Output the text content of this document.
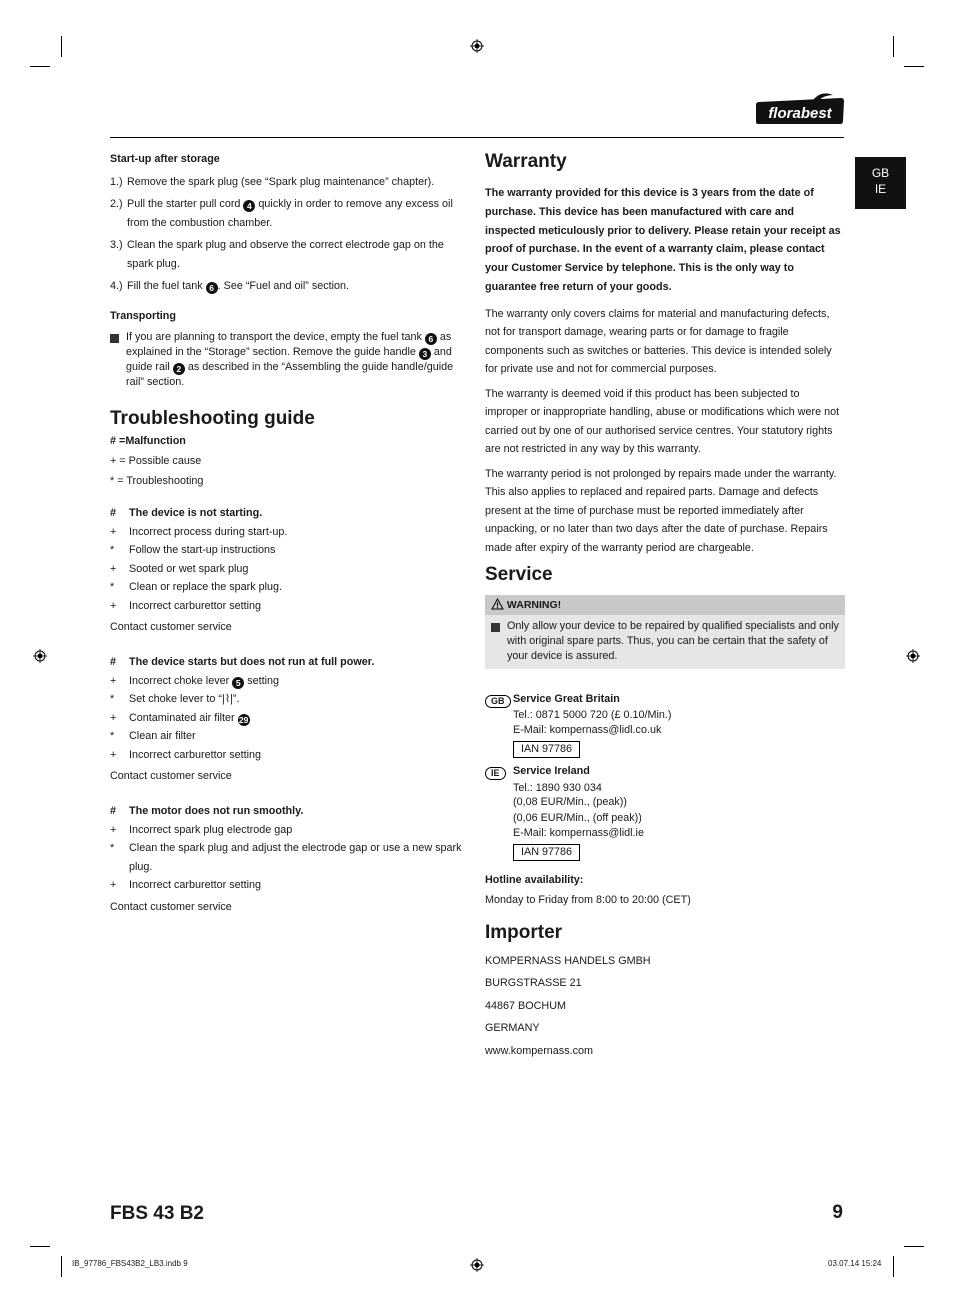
florabest
GB
IE
Start-up after storage
1.) Remove the spark plug (see “Spark plug maintenance” chapter).
2.) Pull the starter pull cord 4 quickly in order to remove any excess oil from the combustion chamber.
3.) Clean the spark plug and observe the correct electrode gap on the spark plug.
4.) Fill the fuel tank 6 . See “Fuel and oil” section.
Transporting
If you are planning to transport the device, empty the fuel tank 6 as explained in the “Storage” section. Remove the guide handle 3 and guide rail 2 as described in the “Assembling the guide handle/guide rail” section.
Troubleshooting guide
# =Malfunction
+ = Possible cause
* = Troubleshooting
#	The device is not starting.
+	Incorrect process during start-up.
*	Follow the start-up instructions
+	Sooted or wet spark plug
*	Clean or replace the spark plug.
+	Incorrect carburettor setting
Contact customer service
#	The device starts but does not run at full power.
+	Incorrect choke lever 5 setting
*	Set choke lever to “|⌇|”.
+	Contaminated air filter 29
*	Clean air filter
+	Incorrect carburettor setting
Contact customer service
#	The motor does not run smoothly.
+	Incorrect spark plug electrode gap
*	Clean the spark plug and adjust the electrode gap or use a new spark plug.
+	Incorrect carburettor setting
Contact customer service
Warranty
The warranty provided for this device is 3 years from the date of purchase. This device has been manufactured with care and inspected meticulously prior to delivery. Please retain your receipt as proof of purchase. In the event of a warranty claim, please contact your Customer Service by telephone. This is the only way to guarantee free return of your goods.
The warranty only covers claims for material and manufacturing defects, not for transport damage, wearing parts or for damage to fragile components such as switches or batteries. This device is intended solely for private use and not for commercial purposes.
The warranty is deemed void if this product has been subjected to improper or inappropriate handling, abuse or modifications which were not carried out by one of our authorised service centres. Your statutory rights are not restricted in any way by this warranty.
The warranty period is not prolonged by repairs made under the warranty. This also applies to replaced and repaired parts. Damage and defects present at the time of purchase must be reported immediately after unpacking, or no later than two days after the date of purchase. Repairs made after expiry of the warranty period are chargeable.
Service
WARNING!
Only allow your device to be repaired by qualified specialists and only with original spare parts. Thus, you can be certain that the safety of your device is assured.
GB Service Great Britain
Tel.: 0871 5000 720 (£ 0.10/Min.)
E-Mail: kompernass@lidl.co.uk
IAN 97786
IE	Service Ireland
Tel.: 1890 930 034
(0,08 EUR/Min., (peak))
(0,06 EUR/Min., (off peak))
E-Mail: kompernass@lidl.ie
IAN 97786
Hotline availability:
Monday to Friday from 8:00 to 20:00 (CET)
Importer
KOMPERNASS HANDELS GMBH
BURGSTRASSE 21
44867 BOCHUM
GERMANY
www.kompernass.com
FBS 43 B2	9
IB_97786_FBS43B2_LB3.indb 9	03.07.14 15:24
